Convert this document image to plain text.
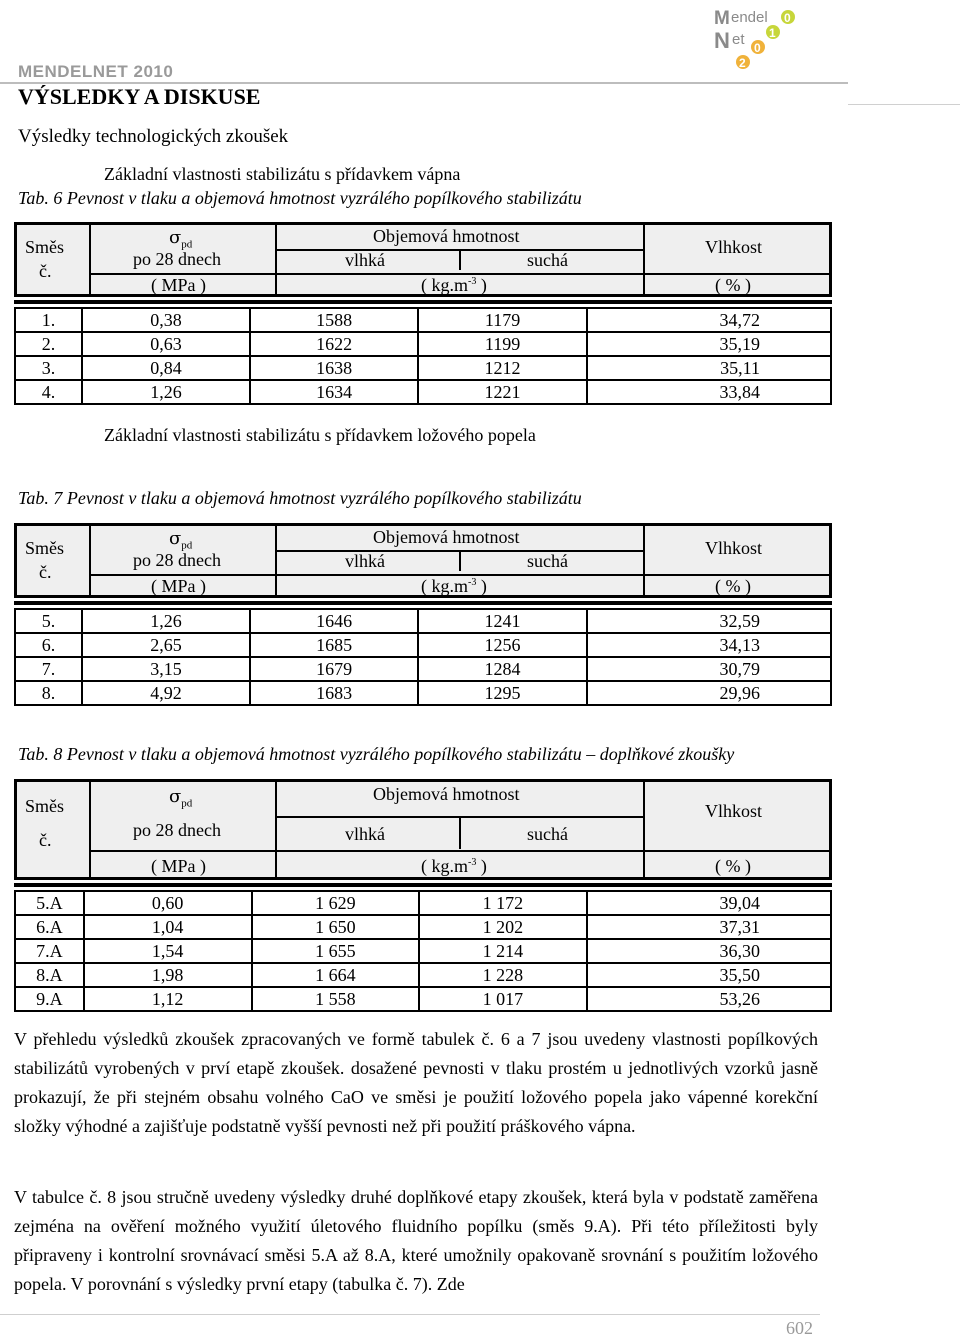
MENDELNET 2010
M endel
N et
0
1
0
2
VÝSLEDKY A DISKUSE
Výsledky technologických zkoušek
Základní vlastnosti stabilizátu s přídavkem vápna
Tab. 6 Pevnost v tlaku a objemová hmotnost vyzrálého popílkového stabilizátu
Směs
č.
$\sigma_{pd}$
po 28 dnech
( MPa )
Objemová hmotnost
vlhká	suchá
( $kg.m^{-3}$ )
Vlhkost
( % )
1.	0,38	1588	1179	34,72
2.	0,63	1622	1199	35,19
3.	0,84	1638	1212	35,11
4.	1,26	1634	1221	33,84
Základní vlastnosti stabilizátu s přídavkem ložového popela
Tab. 7 Pevnost v tlaku a objemová hmotnost vyzrálého popílkového stabilizátu
Směs
č.
$\sigma_{pd}$
po 28 dnech
( MPa )
Objemová hmotnost
vlhká	suchá
( $kg.m^{-3}$ )
Vlhkost
( % )
5.	1,26	1646	1241	32,59
6.	2,65	1685	1256	34,13
7.	3,15	1679	1284	30,79
8.	4,92	1683	1295	29,96
Tab. 8 Pevnost v tlaku a objemová hmotnost vyzrálého popílkového stabilizátu – doplňkové zkoušky
Směs
č.
$\sigma_{pd}$
po 28 dnech
( MPa )
Objemová hmotnost
vlhká	suchá
( $kg.m^{-3}$ )
Vlhkost
( % )
5.A	0,60	1 629	1 172	39,04
6.A	1,04	1 650	1 202	37,31
7.A	1,54	1 655	1 214	36,30
8.A	1,98	1 664	1 228	35,50
9.A	1,12	1 558	1 017	53,26
V přehledu výsledků zkoušek zpracovaných ve formě tabulek č. 6 a 7 jsou uvedeny vlastnosti popílkových stabilizátů vyrobených v prví etapě zkoušek. dosažené pevnosti v tlaku prostém u jednotlivých vzorků jasně prokazují, že při stejném obsahu volného CaO ve směsi je použití ložového popela jako vápenné korekční složky výhodné a zajišťuje podstatně vyšší pevnosti než při použití práškového vápna.
V tabulce č. 8 jsou stručně uvedeny výsledky druhé doplňkové etapy zkoušek, která byla v podstatě zaměřena zejména na ověření možného využití úletového fluidního popílku (směs 9.A). Při této příležitosti byly připraveny i kontrolní srovnávací směsi 5.A až 8.A, které umožnily opakovaně srovnání s použitím ložového popela. V porovnání s výsledky první etapy (tabulka č. 7). Zde
602
